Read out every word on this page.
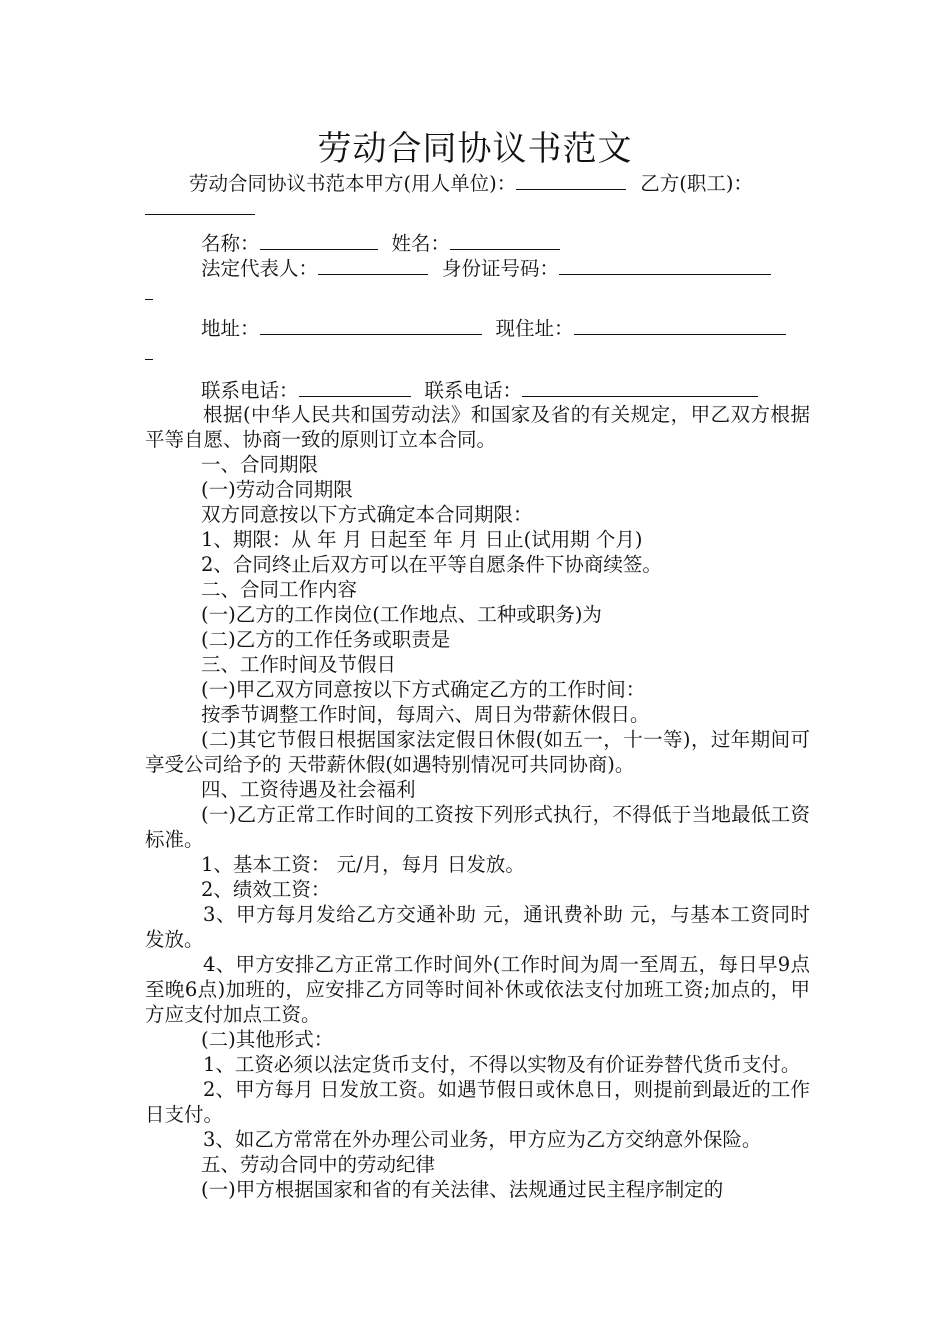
劳动合同协议书范文
劳动合同协议书范本甲方(用人单位)：	乙方(职工)：
名称：	姓名：
法定代表人：	身份证号码：
地址：	现住址：
联系电话：	联系电话：
根据(中华人民共和国劳动法》和国家及省的有关规定，甲乙双方根据平等自愿、协商一致的原则订立本合同。
一、合同期限
(一)劳动合同期限
双方同意按以下方式确定本合同期限：
1、期限：从 年 月 日起至 年 月 日止(试用期 个月)
2、合同终止后双方可以在平等自愿条件下协商续签。
二、合同工作内容
(一)乙方的工作岗位(工作地点、工种或职务)为
(二)乙方的工作任务或职责是
三、工作时间及节假日
(一)甲乙双方同意按以下方式确定乙方的工作时间：
按季节调整工作时间，每周六、周日为带薪休假日。
(二)其它节假日根据国家法定假日休假(如五一，十一等)，过年期间可享受公司给予的 天带薪休假(如遇特别情况可共同协商)。
四、工资待遇及社会福利
(一)乙方正常工作时间的工资按下列形式执行，不得低于当地最低工资标准。
1、基本工资： 元/月，每月 日发放。
2、绩效工资：
3、甲方每月发给乙方交通补助 元，通讯费补助 元，与基本工资同时发放。
4、甲方安排乙方正常工作时间外(工作时间为周一至周五，每日早9点至晚6点)加班的，应安排乙方同等时间补休或依法支付加班工资;加点的，甲方应支付加点工资。
(二)其他形式：
1、工资必须以法定货币支付，不得以实物及有价证券替代货币支付。
2、甲方每月 日发放工资。如遇节假日或休息日，则提前到最近的工作日支付。
3、如乙方常常在外办理公司业务，甲方应为乙方交纳意外保险。
五、劳动合同中的劳动纪律
(一)甲方根据国家和省的有关法律、法规通过民主程序制定的
